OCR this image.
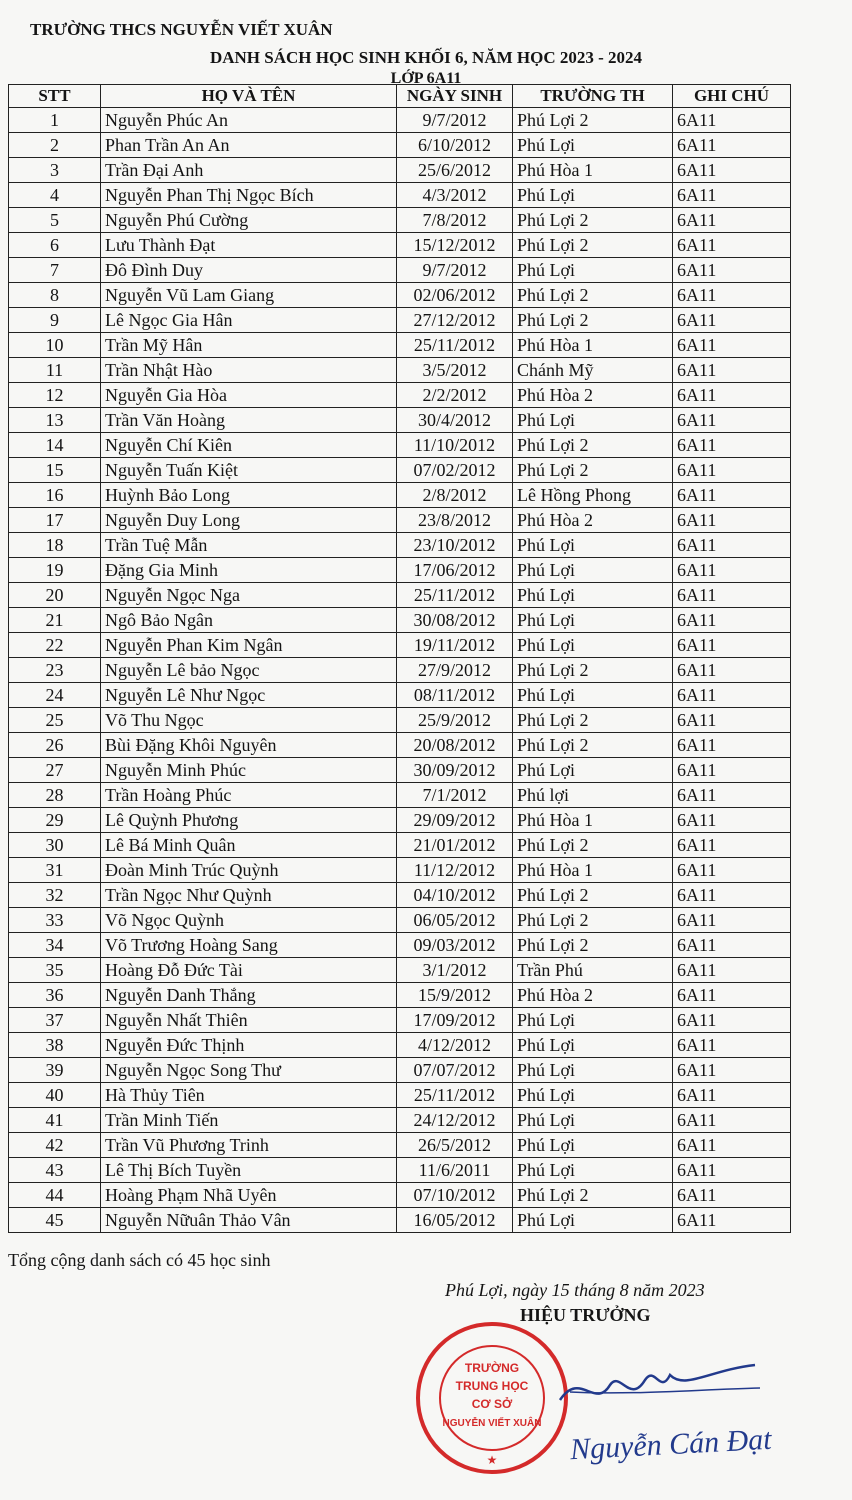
TRƯỜNG THCS NGUYỄN VIẾT XUÂN
DANH SÁCH HỌC SINH KHỐI 6, NĂM HỌC 2023 - 2024
LỚP 6A11
STT	HỌ VÀ TÊN	NGÀY SINH	TRƯỜNG TH	GHI CHÚ
1	Nguyễn Phúc An	9/7/2012	Phú Lợi 2	6A11
2	Phan Trần An An	6/10/2012	Phú Lợi	6A11
3	Trần Đại Anh	25/6/2012	Phú Hòa 1	6A11
4	Nguyễn Phan Thị Ngọc Bích	4/3/2012	Phú Lợi	6A11
5	Nguyễn Phú Cường	7/8/2012	Phú Lợi 2	6A11
6	Lưu Thành Đạt	15/12/2012	Phú Lợi 2	6A11
7	Đô Đình Duy	9/7/2012	Phú Lợi	6A11
8	Nguyễn Vũ Lam Giang	02/06/2012	Phú Lợi 2	6A11
9	Lê Ngọc Gia Hân	27/12/2012	Phú Lợi 2	6A11
10	Trần Mỹ Hân	25/11/2012	Phú Hòa 1	6A11
11	Trần Nhật Hào	3/5/2012	Chánh Mỹ	6A11
12	Nguyễn Gia Hòa	2/2/2012	Phú Hòa 2	6A11
13	Trần Văn Hoàng	30/4/2012	Phú Lợi	6A11
14	Nguyễn Chí Kiên	11/10/2012	Phú Lợi 2	6A11
15	Nguyễn Tuấn Kiệt	07/02/2012	Phú Lợi 2	6A11
16	Huỳnh Bảo Long	2/8/2012	Lê Hồng Phong	6A11
17	Nguyễn Duy Long	23/8/2012	Phú Hòa 2	6A11
18	Trần Tuệ Mẫn	23/10/2012	Phú Lợi	6A11
19	Đặng Gia Minh	17/06/2012	Phú Lợi	6A11
20	Nguyễn Ngọc Nga	25/11/2012	Phú Lợi	6A11
21	Ngô Bảo Ngân	30/08/2012	Phú Lợi	6A11
22	Nguyễn Phan Kim Ngân	19/11/2012	Phú Lợi	6A11
23	Nguyễn Lê bảo Ngọc	27/9/2012	Phú Lợi 2	6A11
24	Nguyễn Lê Như Ngọc	08/11/2012	Phú Lợi	6A11
25	Võ Thu Ngọc	25/9/2012	Phú Lợi 2	6A11
26	Bùi Đặng Khôi Nguyên	20/08/2012	Phú Lợi 2	6A11
27	Nguyễn Minh Phúc	30/09/2012	Phú Lợi	6A11
28	Trần Hoàng Phúc	7/1/2012	Phú lợi	6A11
29	Lê Quỳnh Phương	29/09/2012	Phú Hòa 1	6A11
30	Lê Bá Minh Quân	21/01/2012	Phú Lợi 2	6A11
31	Đoàn Minh Trúc Quỳnh	11/12/2012	Phú Hòa 1	6A11
32	Trần Ngọc Như Quỳnh	04/10/2012	Phú Lợi 2	6A11
33	Võ Ngọc Quỳnh	06/05/2012	Phú Lợi 2	6A11
34	Võ Trương Hoàng Sang	09/03/2012	Phú Lợi 2	6A11
35	Hoàng Đỗ Đức Tài	3/1/2012	Trần Phú	6A11
36	Nguyễn Danh Thắng	15/9/2012	Phú Hòa 2	6A11
37	Nguyễn Nhất Thiên	17/09/2012	Phú Lợi	6A11
38	Nguyễn Đức Thịnh	4/12/2012	Phú Lợi	6A11
39	Nguyễn Ngọc Song Thư	07/07/2012	Phú Lợi	6A11
40	Hà Thủy Tiên	25/11/2012	Phú Lợi	6A11
41	Trần Minh Tiến	24/12/2012	Phú Lợi	6A11
42	Trần Vũ Phương Trinh	26/5/2012	Phú Lợi	6A11
43	Lê Thị Bích Tuyền	11/6/2011	Phú Lợi	6A11
44	Hoàng Phạm Nhã Uyên	07/10/2012	Phú Lợi 2	6A11
45	Nguyễn Nữuân Thảo Vân	16/05/2012	Phú Lợi	6A11
Tổng cộng danh sách có 45 học sinh
Phú Lợi, ngày 15 tháng 8 năm 2023
HIỆU TRƯỞNG
TRƯỜNG
TRUNG HỌC
CƠ SỞ
NGUYỄN VIẾT XUÂN
★ Nguyễn Cán Đạt
